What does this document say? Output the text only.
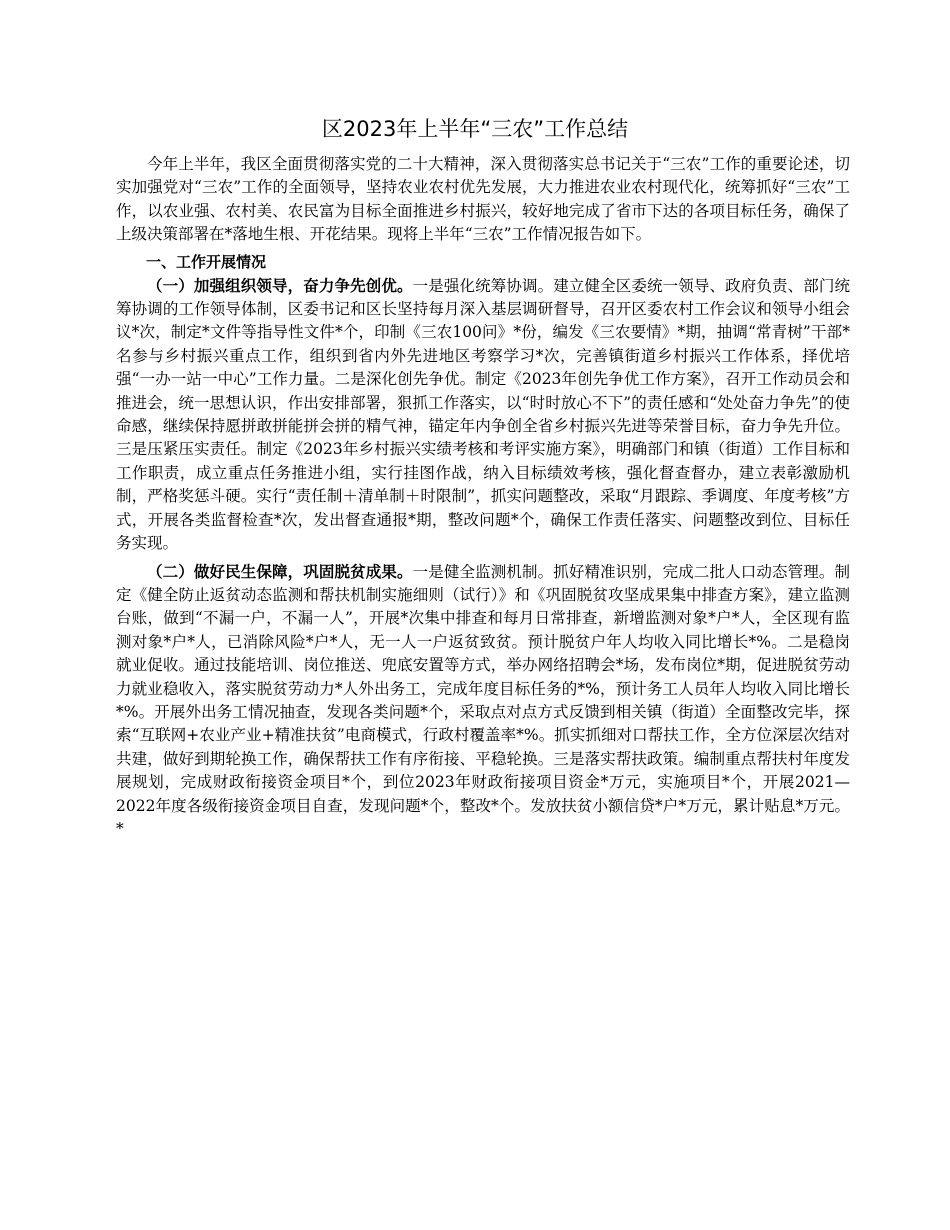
区2023年上半年“三农”工作总结

今年上半年，我区全面贯彻落实党的二十大精神，深入贯彻落实总书记关于“三农”工作的重要论述，切实加强党对“三农”工作的全面领导，坚持农业农村优先发展，大力推进农业农村现代化，统筹抓好“三农”工作，以农业强、农村美、农民富为目标全面推进乡村振兴，较好地完成了省市下达的各项目标任务，确保了上级决策部署在*落地生根、开花结果。现将上半年“三农”工作情况报告如下。

一、工作开展情况

（一）加强组织领导，奋力争先创优。一是强化统筹协调。建立健全区委统一领导、政府负责、部门统筹协调的工作领导体制，区委书记和区长坚持每月深入基层调研督导，召开区委农村工作会议和领导小组会议*次，制定*文件等指导性文件*个，印制《三农100问》*份，编发《三农要情》*期，抽调“常青树”干部*名参与乡村振兴重点工作，组织到省内外先进地区考察学习*次，完善镇街道乡村振兴工作体系，择优培强“一办一站一中心”工作力量。二是深化创先争优。制定《2023年创先争优工作方案》，召开工作动员会和推进会，统一思想认识，作出安排部署，狠抓工作落实，以“时时放心不下”的责任感和“处处奋力争先”的使命感，继续保持愿拼敢拼能拼会拼的精气神，锚定年内争创全省乡村振兴先进等荣誉目标，奋力争先升位。三是压紧压实责任。制定《2023年乡村振兴实绩考核和考评实施方案》，明确部门和镇（街道）工作目标和工作职责，成立重点任务推进小组，实行挂图作战，纳入目标绩效考核，强化督查督办，建立表彰激励机制，严格奖惩斗硬。实行“责任制＋清单制＋时限制”，抓实问题整改，采取“月跟踪、季调度、年度考核”方式，开展各类监督检查*次，发出督查通报*期，整改问题*个，确保工作责任落实、问题整改到位、目标任务实现。

（二）做好民生保障，巩固脱贫成果。一是健全监测机制。抓好精准识别，完成二批人口动态管理。制定《健全防止返贫动态监测和帮扶机制实施细则（试行）》和《巩固脱贫攻坚成果集中排查方案》，建立监测台账，做到“不漏一户，不漏一人”，开展*次集中排查和每月日常排查，新增监测对象*户*人，全区现有监测对象*户*人，已消除风险*户*人，无一人一户返贫致贫。预计脱贫户年人均收入同比增长*%。二是稳岗就业促收。通过技能培训、岗位推送、兜底安置等方式，举办网络招聘会*场，发布岗位*期，促进脱贫劳动力就业稳收入，落实脱贫劳动力*人外出务工，完成年度目标任务的*%，预计务工人员年人均收入同比增长*%。开展外出务工情况抽查，发现各类问题*个，采取点对点方式反馈到相关镇（街道）全面整改完毕，探索“互联网+农业产业+精准扶贫”电商模式，行政村覆盖率*%。抓实抓细对口帮扶工作，全方位深层次结对共建，做好到期轮换工作，确保帮扶工作有序衔接、平稳轮换。三是落实帮扶政策。编制重点帮扶村年度发展规划，完成财政衔接资金项目*个，到位2023年财政衔接项目资金*万元，实施项目*个，开展2021—2022年度各级衔接资金项目自查，发现问题*个，整改*个。发放扶贫小额信贷*户*万元，累计贴息*万元。*
